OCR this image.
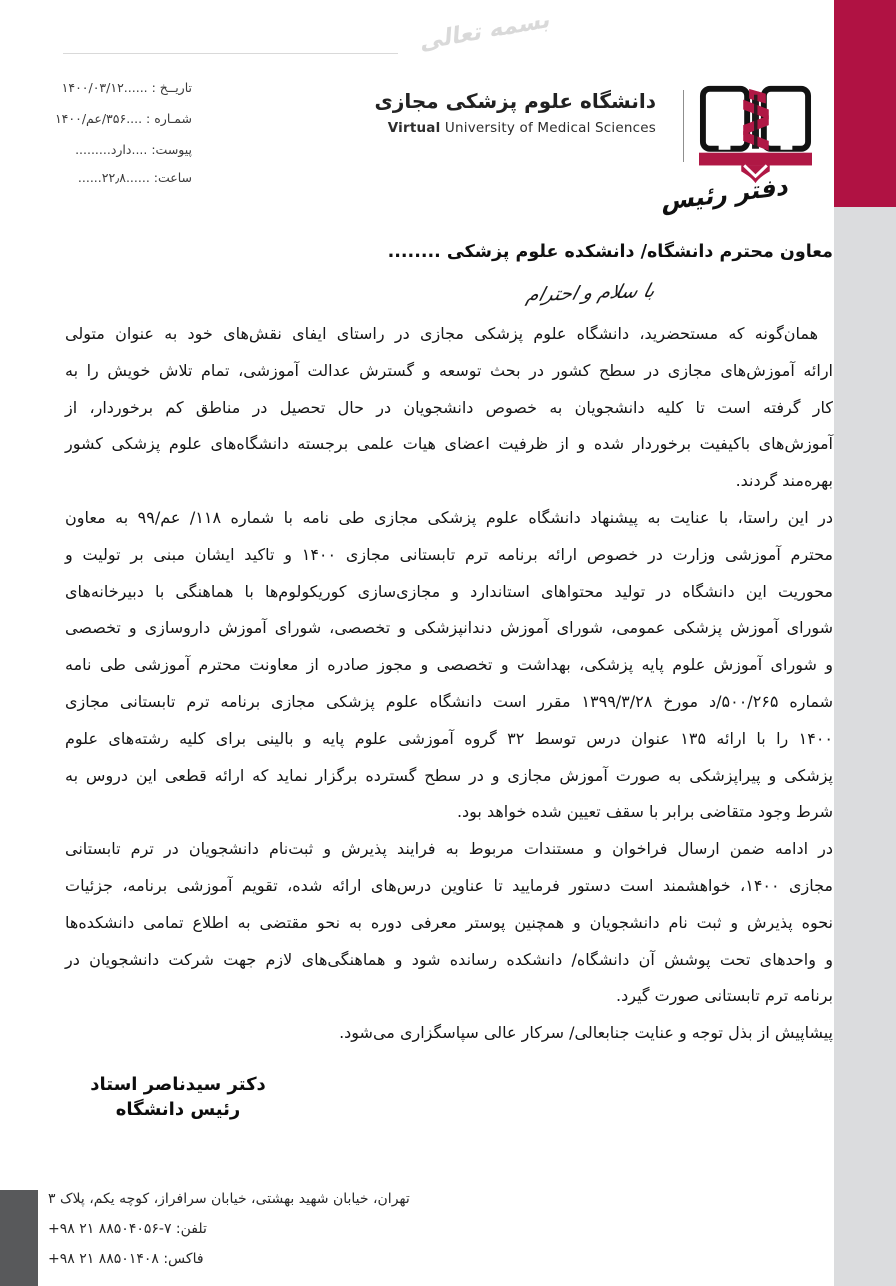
بسمه تعالی
تاریــخ : ......۱۴۰۰/۰۳/۱۲
شمـاره : ....۳۵۶/عم/۱۴۰۰
پیوست: ....دارد.........
ساعت: ......۲۲٫۸......
دانشگاه علوم پزشکی مجازی
Virtual University of Medical Sciences
دفتر رئیس
معاون محترم دانشگاه/ دانشکده علوم پزشکی ........
با سلام و احترام
همان‌گونه که مستحضرید، دانشگاه علوم پزشکی مجازی در راستای ایفای نقش‌های خود به عنوان متولی
ارائه آموزش‌های مجازی در سطح کشور در بحث توسعه و گسترش عدالت آموزشی، تمام تلاش خویش را به
کار گرفته است تا کلیه دانشجویان به خصوص دانشجویان در حال تحصیل در مناطق کم برخوردار، از
آموزش‌های باکیفیت برخوردار شده و از ظرفیت اعضای هیات علمی برجسته دانشگاه‌های علوم پزشکی کشور
بهره‌مند گردند.
در این راستا، با عنایت به پیشنهاد دانشگاه علوم پزشکی مجازی طی نامه با شماره ۱۱۸/ عم/۹۹ به معاون
محترم آموزشی وزارت در خصوص ارائه برنامه ترم تابستانی مجازی ۱۴۰۰ و تاکید ایشان مبنی بر تولیت و
محوریت این دانشگاه در تولید محتواهای استاندارد و مجازی‌سازی کوریکولوم‌ها با هماهنگی با دبیرخانه‌های
شورای آموزش پزشکی عمومی، شورای آموزش دندانپزشکی و تخصصی، شورای آموزش داروسازی و تخصصی
و شورای آموزش علوم پایه پزشکی، بهداشت و تخصصی و مجوز صادره از معاونت محترم آموزشی طی نامه
شماره ۵۰۰/۲۶۵/د مورخ ۱۳۹۹/۳/۲۸ مقرر است دانشگاه علوم پزشکی مجازی برنامه ترم تابستانی مجازی
۱۴۰۰ را با ارائه ۱۳۵ عنوان درس توسط ۳۲ گروه آموزشی علوم پایه و بالینی برای کلیه رشته‌های علوم
پزشکی و پیراپزشکی به صورت آموزش مجازی و در سطح گسترده برگزار نماید که ارائه قطعی این دروس به
شرط وجود متقاضی برابر با سقف تعیین شده خواهد بود.
در ادامه ضمن ارسال فراخوان و مستندات مربوط به فرایند پذیرش و ثبت‌نام دانشجویان در ترم تابستانی
مجازی ۱۴۰۰، خواهشمند است دستور فرمایید تا عناوین درس‌های ارائه شده، تقویم آموزشی برنامه، جزئیات
نحوه پذیرش و ثبت نام دانشجویان و همچنین پوستر معرفی دوره به نحو مقتضی به اطلاع تمامی دانشکده‌ها
و واحدهای تحت پوشش آن دانشگاه/ دانشکده رسانده شود و هماهنگی‌های لازم جهت شرکت دانشجویان در
برنامه ترم تابستانی صورت گیرد.
پیشاپیش از بذل توجه و عنایت جنابعالی/ سرکار عالی سپاسگزاری می‌شود.
دکتر سیدناصر استاد
رئیس دانشگاه
تهران، خیابان شهید بهشتی، خیابان سرافراز، کوچه یکم، پلاک ۳
تلفن: ۷-۸۸۵۰۴۰۵۶ ۲۱ ۹۸+
فاکس: ۸۸۵۰۱۴۰۸ ۲۱ ۹۸+
